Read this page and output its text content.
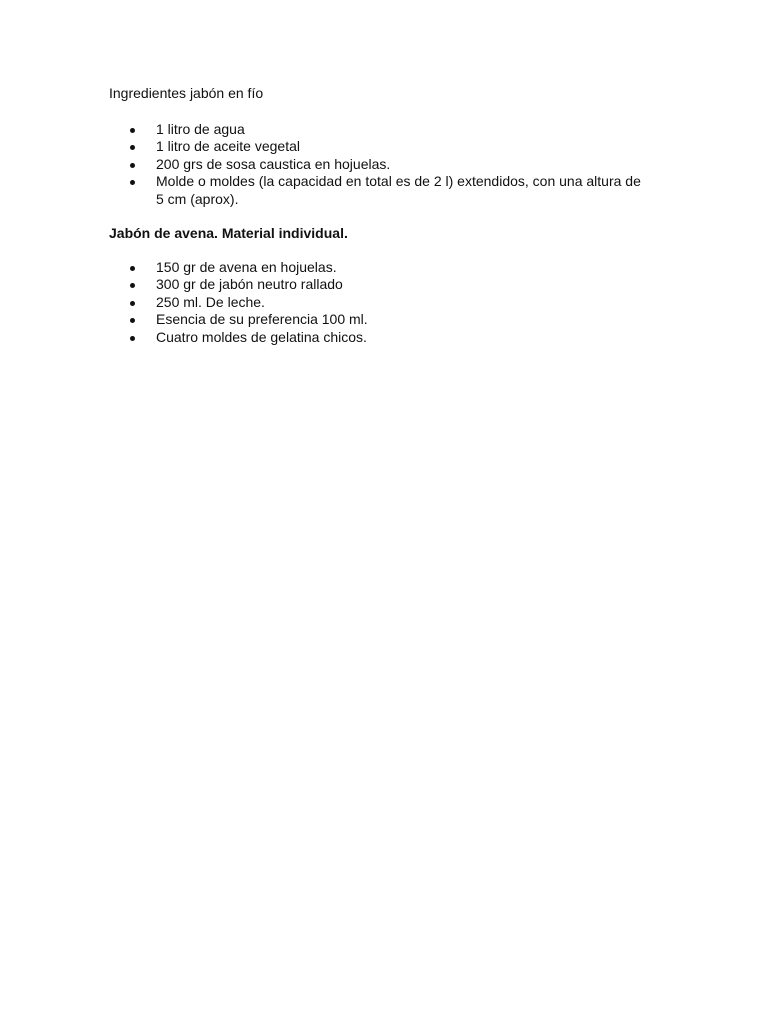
Ingredientes jabón en fío

1 litro de agua
1 litro de aceite vegetal
200 grs de sosa caustica en hojuelas.
Molde o moldes (la capacidad en total es de 2 l) extendidos, con una altura de 5 cm (aprox).

Jabón de avena. Material individual.

150 gr de avena en hojuelas.
300 gr de jabón neutro rallado
250 ml. De leche.
Esencia de su preferencia 100 ml.
Cuatro moldes de gelatina chicos.
